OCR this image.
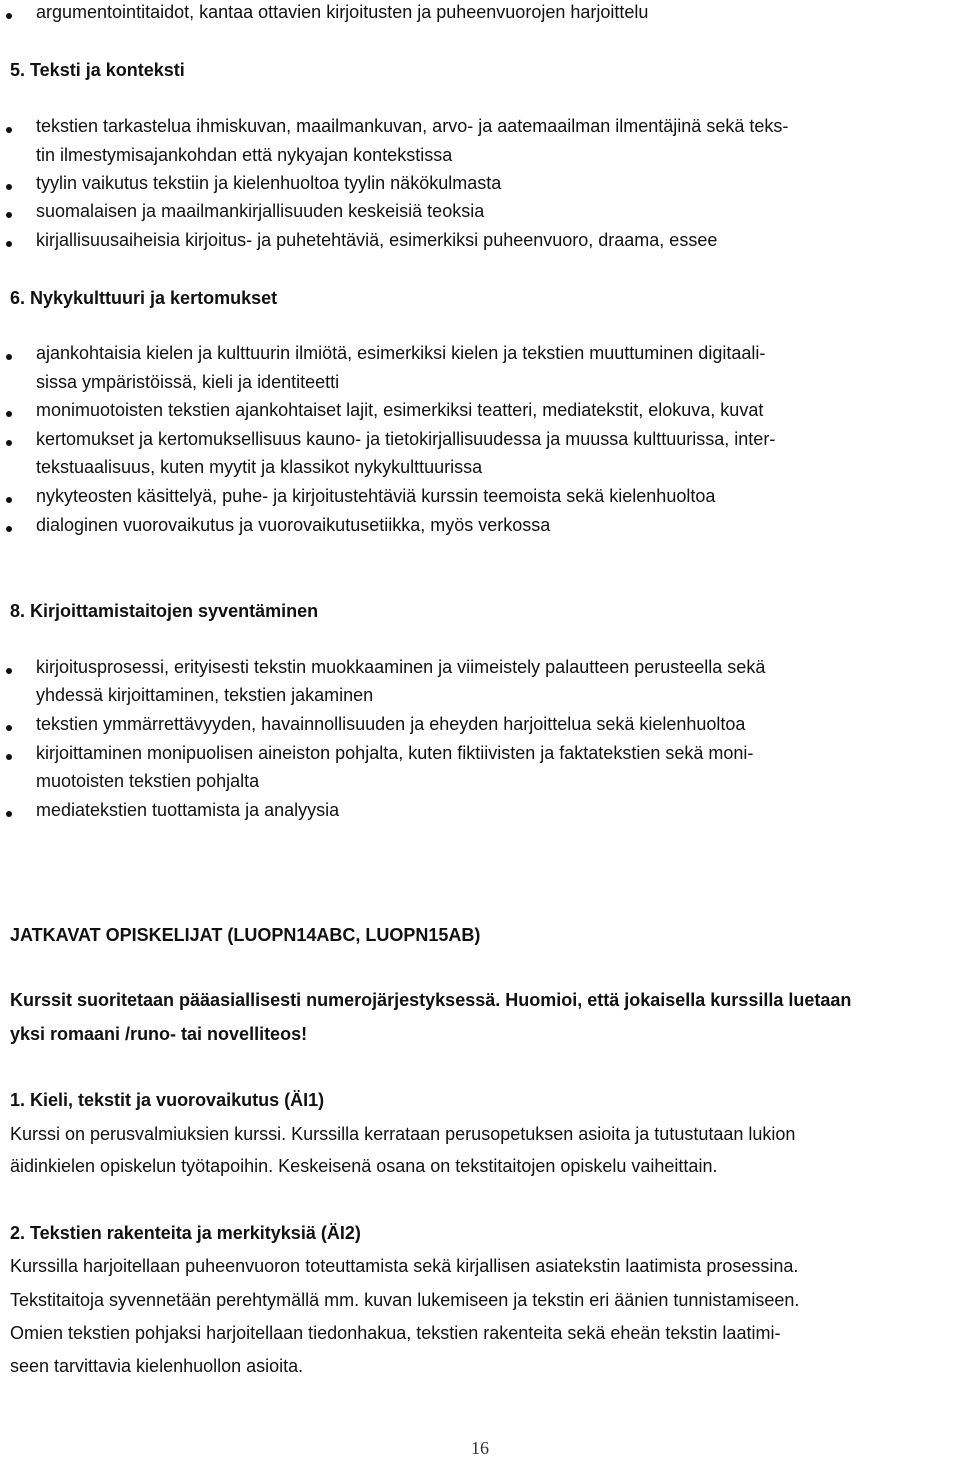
argumentointitaidot, kantaa ottavien kirjoitusten ja puheenvuorojen harjoittelu
5. Teksti ja konteksti
tekstien tarkastelua ihmiskuvan, maailmankuvan, arvo- ja aatemaailman ilmentäjinä sekä teks-
tin ilmestymisajankohdan että nykyajan kontekstissa
tyylin vaikutus tekstiin ja kielenhuoltoa tyylin näkökulmasta
suomalaisen ja maailmankirjallisuuden keskeisiä teoksia
kirjallisuusaiheisia kirjoitus- ja puhetehtäviä, esimerkiksi puheenvuoro, draama, essee
6. Nykykulttuuri ja kertomukset
ajankohtaisia kielen ja kulttuurin ilmiötä, esimerkiksi kielen ja tekstien muuttuminen digitaali-
sissa ympäristöissä, kieli ja identiteetti
monimuotoisten tekstien ajankohtaiset lajit, esimerkiksi teatteri, mediatekstit, elokuva, kuvat
kertomukset ja kertomuksellisuus kauno- ja tietokirjallisuudessa ja muussa kulttuurissa, inter-
tekstuaalisuus, kuten myytit ja klassikot nykykulttuurissa
nykyteosten käsittelyä, puhe- ja kirjoitustehtäviä kurssin teemoista sekä kielenhuoltoa
dialoginen vuorovaikutus ja vuorovaikutusetiikka, myös verkossa
8. Kirjoittamistaitojen syventäminen
kirjoitusprosessi, erityisesti tekstin muokkaaminen ja viimeistely palautteen perusteella sekä
yhdessä kirjoittaminen, tekstien jakaminen
tekstien ymmärrettävyyden, havainnollisuuden ja eheyden harjoittelua sekä kielenhuoltoa
kirjoittaminen monipuolisen aineiston pohjalta, kuten fiktiivisten ja faktatekstien sekä moni-
muotoisten tekstien pohjalta
mediatekstien tuottamista ja analyysia
JATKAVAT OPISKELIJAT (LUOPN14ABC, LUOPN15AB)
Kurssit suoritetaan pääasiallisesti numerojärjestyksessä. Huomioi, että jokaisella kurssilla luetaan
yksi romaani /runo- tai novelliteos!
1. Kieli, tekstit ja vuorovaikutus (ÄI1)
Kurssi on perusvalmiuksien kurssi. Kurssilla kerrataan perusopetuksen asioita ja tutustutaan lukion
äidinkielen opiskelun työtapoihin. Keskeisenä osana on tekstitaitojen opiskelu vaiheittain.
2. Tekstien rakenteita ja merkityksiä (ÄI2)
Kurssilla harjoitellaan puheenvuoron toteuttamista sekä kirjallisen asiatekstin laatimista prosessina.
Tekstitaitoja syvennetään perehtymällä mm. kuvan lukemiseen ja tekstin eri äänien tunnistamiseen.
Omien tekstien pohjaksi harjoitellaan tiedonhakua, tekstien rakenteita sekä eheän tekstin laatimi-
seen tarvittavia kielenhuollon asioita.
16
